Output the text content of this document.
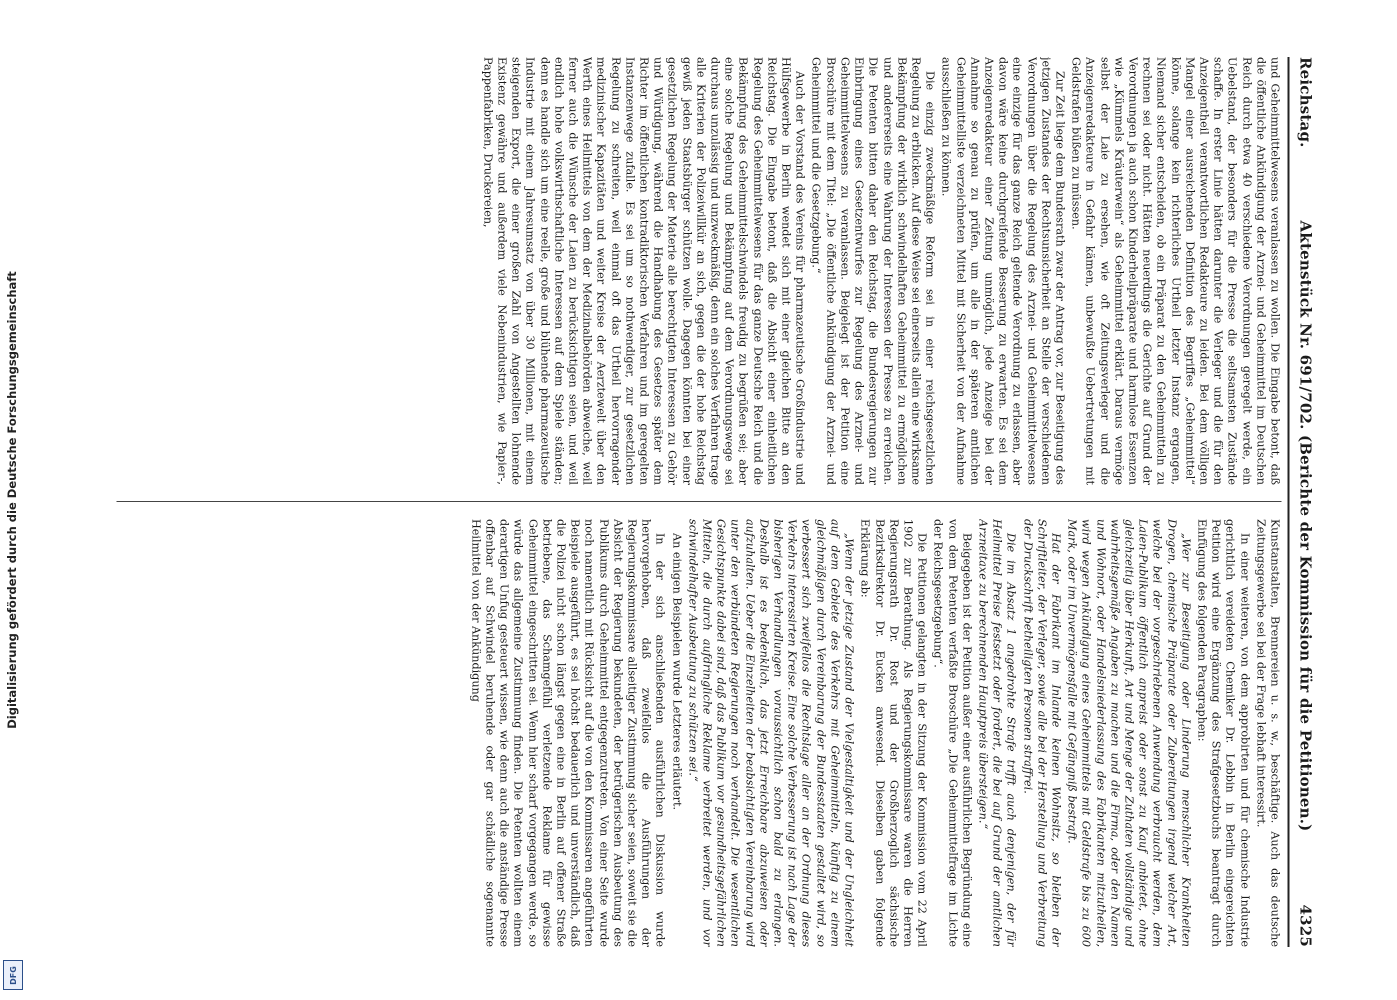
Digitalisierung gefördert durch die Deutsche Forschungsgemeinschaft
DFG
Reichstag.
Aktenstück Nr. 691/702. (Berichte der Kommission für die Petitionen.)
4325

und Geheimmittelwesens veranlassen zu wollen. Die Eingabe betont, daß die öffentliche Ankündigung der Arznei- und Geheimmittel im Deutschen Reich durch etwa 40 verschiedene Verordnungen geregelt werde, ein Uebelstand, der besonders für die Presse die seltsamsten Zustände schaffe. In erster Linie hätten darunter die Verleger und die für den Anzeigentheil verantwortlichen Redakteure zu leiden. Bei dem völligen Mangel einer ausreichenden Definition des Begriffes „Geheimmittel“ könne, solange kein richterliches Urtheil letzter Instanz ergangen, Niemand sicher entscheiden, ob ein Präparat zu den Geheimmitteln zu rechnen sei oder nicht. Hätten neuerdings die Gerichte auf Grund der Verordnungen ja auch schon Kinderheilpräparate und harmlose Essenzen wie „Kümmels Kräuterwein“ als Geheimmittel erklärt. Daraus vermöge selbst der Laie zu ersehen, wie oft Zeitungsverleger und die Anzeigenredakteure in Gefahr kämen, unbewußte Uebertretungen mit Geldstrafen büßen zu müssen.

Zur Zeit liege dem Bundesrath zwar der Antrag vor, zur Beseitigung des jetzigen Zustandes der Rechtsunsicherheit an Stelle der verschiedenen Verordnungen über die Regelung des Arznei- und Geheimmittelwesens eine einzige für das ganze Reich geltende Verordnung zu erlassen, aber davon wäre keine durchgreifende Besserung zu erwarten. Es sei dem Anzeigenredakteur einer Zeitung unmöglich, jede Anzeige bei der Annahme so genau zu prüfen, um alle in der späteren amtlichen Geheimmittelliste verzeichneten Mittel mit Sicherheit von der Aufnahme ausschließen zu können.

Die einzig zweckmäßige Reform sei in einer reichsgesetzlichen Regelung zu erblicken. Auf diese Weise sei einerseits allein eine wirksame Bekämpfung der wirklich schwindelhaften Geheimmittel zu ermöglichen und andererseits eine Wahrung der Interessen der Presse zu erreichen. Die Petenten bitten daher den Reichstag, die Bundesregierungen zur Einbringung eines Gesetzentwurfes zur Regelung des Arznei- und Geheimmittelwesens zu veranlassen. Beigelegt ist der Petition eine Broschüre mit dem Titel: „Die öffentliche Ankündigung der Arznei- und Geheimmittel und die Gesetzgebung.“

Auch der Vorstand des Vereins für pharmazeutische Großindustrie und Hülfsgewerbe in Berlin wendet sich mit einer gleichen Bitte an den Reichstag. Die Eingabe betont, daß die Absicht einer einheitlichen Regelung des Geheimmittelwesens für das ganze Deutsche Reich und die Bekämpfung des Geheimmittelschwindels freudig zu begrüßen sei; aber eine solche Regelung und Bekämpfung auf dem Verordnungswege sei durchaus unzulässig und unzweckmäßig, denn ein solches Verfahren trage alle Kriterien der Polizeiwillkür an sich, gegen die der hohe Reichstag gewiß jeden Staatsbürger schützen wolle. Dagegen könnten bei einer gesetzlichen Regelung der Materie alle berechtigten Interessen zu Gehör und Würdigung, während die Handhabung des Gesetzes später dem Richter im öffentlichen kontradiktorischen Verfahren und im geregelten Instanzenwege zufalle. Es sei um so nothwendiger, zur gesetzlichen Regelung zu schreiten, weil einmal oft das Urtheil hervorragender medizinischer Kapazitäten und weiter Kreise der Aerztewelt über den Werth eines Heilmittels von dem der Medizinalbehörden abweiche, weil ferner auch die Wünsche der Laien zu berücksichtigen seien, und weil endlich hohe volkswirthschaftliche Interessen auf dem Spiele ständen; denn es handle sich um eine reelle, große und blühende pharmazeutische Industrie mit einem Jahresumsatz von über 30 Millionen, mit einem steigenden Export, die einer großen Zahl von Angestellten lohnende Existenz gewähre und außerdem viele Nebenindustrien, wie Papier-, Pappenfabriken, Druckereien,

Kunstanstalten, Brennereien u. s. w., beschäftige. Auch das deutsche Zeitungsgewerbe sei bei der Frage lebhaft interessirt.

In einer weiteren, von dem approbirten und für chemische Industrie gerichtlich vereideten Chemiker Dr. Lebbin in Berlin eingereichten Petition wird eine Ergänzung des Strafgesetzbuchs beantragt durch Einfügung des folgenden Paragraphen:

„Wer zur Beseitigung oder Linderung menschlicher Krankheiten Drogen, chemische Präparate oder Zubereitungen irgend welcher Art, welche bei der vorgeschriebenen Anwendung verbraucht werden, dem Laien-Publikum öffentlich anpreist oder sonst zu Kauf anbietet, ohne gleichzeitig über Herkunft, Art und Menge der Zuthaten vollständige und wahrheitsgemäße Angaben zu machen und die Firma, oder den Namen und Wohnort, oder Handelsniederlassung des Fabrikanten mitzutheilen, wird wegen Ankündigung eines Geheimmittels mit Geldstrafe bis zu 600 Mark, oder im Unvermögensfalle mit Gefängniß bestraft.

Hat der Fabrikant im Inlande keinen Wohnsitz, so bleiben der Schriftleiter, der Verleger, sowie alle bei der Herstellung und Verbreitung der Druckschrift betheiligten Personen straffrei.

Die im Absatz 1 angedrohte Strafe trifft auch denjenigen, der für Heilmittel Preise festsetzt oder fordert, die bei auf Grund der amtlichen Arzneitaxe zu berechnenden Hauptpreis übersteigen.“

Beigegeben ist der Petition außer einer ausführlichen Begründung eine von dem Petenten verfaßte Broschüre „Die Geheimmittelfrage im Lichte der Reichsgesetzgebung“.

Die Petitionen gelangten in der Sitzung der Kommission vom 22 April 1902 zur Berathung. Als Regierungskommissare waren die Herren Regierungsrath Dr. Rost und der Großherzoglich sächsische Bezirksdirektor Dr. Eucken anwesend. Dieselben gaben folgende Erklärung ab:

„Wenn der jetzige Zustand der Vielgestaltigkeit und der Ungleichheit auf dem Gebiete des Verkehrs mit Geheimmitteln, künftig zu einem gleichmäßigen durch Vereinbarung der Bundesstaaten gestaltet wird, so verbessert sich zweifellos die Rechtslage aller an der Ordnung dieses Verkehrs interessirten Kreise. Eine solche Verbesserung ist nach Lage der bisherigen Verhandlungen voraussichtlich schon bald zu erlangen. Deshalb ist es bedenklich, das jetzt Erreichbare abzuweisen oder aufzuhalten. Ueber die Einzelheiten der beabsichtigten Vereinbarung wird unter den verbündeten Regierungen noch verhandelt. Die wesentlichen Gesichtspunkte dabei sind, daß das Publikum vor gesundheitsgefährlichen Mitteln, die durch aufdringliche Reklame verbreitet werden, und vor schwindelhafter Ausbeutung zu schützen sei.“

An einigen Beispielen wurde Letzteres erläutert.

In der sich anschließenden ausführlichen Diskussion wurde hervorgehoben, daß zweifellos die Ausführungen der Regierungskommissare allseitiger Zustimmung sicher seien, soweit sie die Absicht der Regierung bekundeten, der betrügerischen Ausbeutung des Publikums durch Geheimmittel entgegenzutreten. Von einer Seite wurde noch namentlich mit Rücksicht auf die von den Kommissaren angeführten Beispiele ausgeführt, es sei höchst bedauerlich und unverständlich, daß die Polizei nicht schon längst gegen eine in Berlin auf offener Straße betriebene, das Schamgefühl verletzende Reklame für gewisse Geheimmittel eingeschritten sei. Wenn hier scharf vorgegangen werde, so würde das allgemeine Zustimmung finden. Die Petenten wollten einem derartigen Unfug gesteuert wissen, wie denn auch die anständige Presse offenbar auf Schwindel beruhende oder gar schädliche sogenannte Heilmittel von der Ankündigung
